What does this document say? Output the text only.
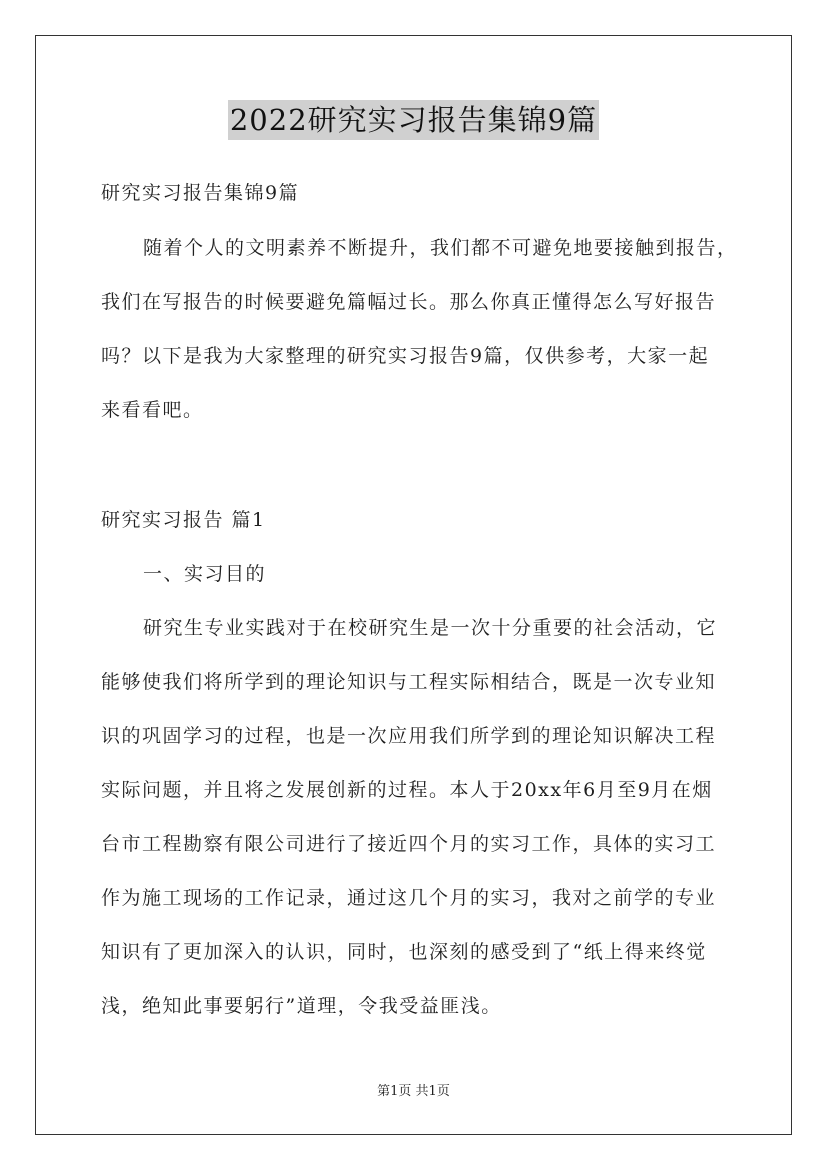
2022研究实习报告集锦9篇
研究实习报告集锦9篇
随着个人的文明素养不断提升，我们都不可避免地要接触到报告，
我们在写报告的时候要避免篇幅过长。那么你真正懂得怎么写好报告
吗？以下是我为大家整理的研究实习报告9篇，仅供参考，大家一起
来看看吧。
研究实习报告 篇1
一、实习目的
研究生专业实践对于在校研究生是一次十分重要的社会活动，它
能够使我们将所学到的理论知识与工程实际相结合，既是一次专业知
识的巩固学习的过程，也是一次应用我们所学到的理论知识解决工程
实际问题，并且将之发展创新的过程。本人于20xx年6月至9月在烟
台市工程勘察有限公司进行了接近四个月的实习工作，具体的实习工
作为施工现场的工作记录，通过这几个月的实习，我对之前学的专业
知识有了更加深入的认识，同时，也深刻的感受到了“纸上得来终觉
浅，绝知此事要躬行”道理，令我受益匪浅。
第1页 共1页
